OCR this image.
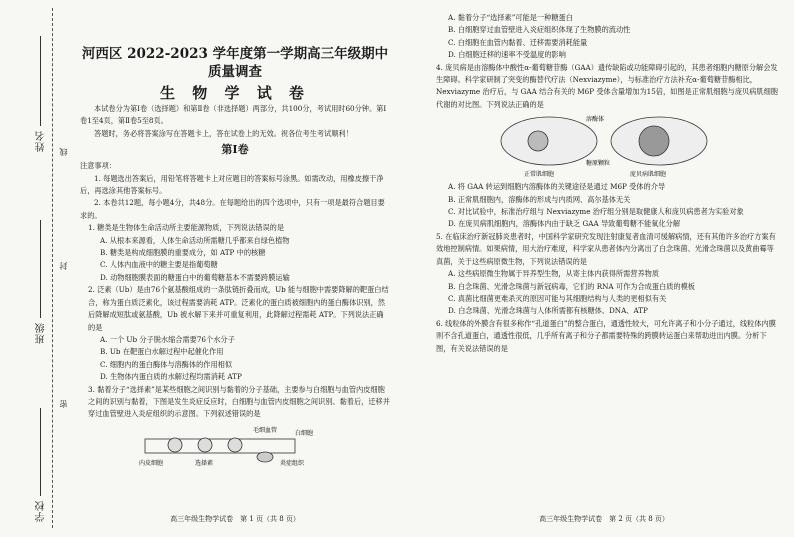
姓名
班级
学校
线
封
密
河西区 2022-2023 学年度第一学期高三年级期中质量调查
生 物 学 试 卷

本试卷分为第Ⅰ卷（选择题）和第Ⅱ卷（非选择题）两部分，共100分，考试用时60分钟。第Ⅰ卷1至4页，第Ⅱ卷5至8页。

答题时，务必将答案涂写在答题卡上，答在试卷上的无效。祝各位考生考试顺利！

第Ⅰ卷

注意事项：

1. 每题选出答案后，用铅笔将答题卡上对应题目的答案标号涂黑。如需改动，用橡皮擦干净后，再选涂其他答案标号。

2. 本卷共12题，每小题4分，共48分。在每题给出的四个选项中，只有一项是最符合题目要求的。

1. 糖类是生物体生命活动所主要能源物质，下列说法错误的是

A. 从根本来源看，人体生命活动所需糖几乎都来自绿色植物

B. 糖类是构成细胞膜的重要成分，如 ATP 中的核糖

C. 人体内血液中的糖主要是指葡萄糖

D. 动物细胞膜表面的糖蛋白中的葡萄糖基本不需要跨膜运输

2. 泛素（Ub）是由76个氨基酸组成的一条肽链折叠而成，Ub 能与细胞中需要降解的靶蛋白结合，称为蛋白质泛素化，该过程需要消耗 ATP。泛素化的蛋白质被细胞内的蛋白酶体识别，然后降解成短肽或氨基酸，Ub 被水解下来并可重复利用，此降解过程需耗 ATP。下列说法正确的是

A. 一个 Ub 分子脱水缩合需要76个水分子

B. Ub 在靶蛋白水解过程中起催化作用

C. 细胞内的蛋白酶体与溶酶体的作用相似

D. 生物体内蛋白质的水解过程均需消耗 ATP

3. 黏着分子“选择素”是某些细胞之间识别与黏着的分子基础，主要参与白细胞与血管内皮细胞之间的识别与黏着，下图是发生炎症反应时，白细胞与血管内皮细胞之间识别、黏着后，迁移并穿过血管壁进入炎症组织的示意图。下列叙述错误的是

毛细血管	白细胞
内皮细胞	选择素	炎症组织
高三年级生物学试卷　第 1 页（共 8 页）

A. 黏着分子“选择素”可能是一种糖蛋白

B. 白细胞穿过血管壁进入炎症组织体现了生物膜的流动性

C. 白细胞在血管内黏着、迁移需要消耗能量

D. 白细胞迁移的速率不受温度的影响

4. 庞贝病是由溶酶体中酸性α-葡萄糖苷酶（GAA）遗传缺陷或功能障碍引起的，其患者细胞内糖原分解会发生障碍。科学家研制了突变的酶替代疗法（Nexviazyme），与标准治疗方法补充α-葡萄糖苷酶相比，Nexviazyme 治疗后，与 GAA 结合有关的 M6P 受体含量增加为15倍，如图是正常肌细胞与庞贝病肌细胞代谢的对比图。下列说法正确的是

溶酶体
糖原颗粒
正常肌细胞	庞贝病肌细胞

A. 将 GAA 转运到细胞内溶酶体的关键途径是通过 M6P 受体的介导

B. 正常肌细胞内，溶酶体的形成与内质网、高尔基体无关

C. 对比试验中，标准治疗组与 Nexviazyme 治疗组分别是取健康人和庞贝病患者为实验对象

D. 在庞贝病肌细胞内，溶酶体内由于缺乏 GAA 导致葡萄糖不能氧化分解

5. 在临床治疗新冠肺炎患者时，中国科学家研究发现注射康复者血清可缓解病情，还有其他许多治疗方案有效地控制病情。如果病情，用大治疗难度，科学家从患者体内分离出了白念珠菌、光滑念珠菌以及黄曲霉等真菌，关于这些病原微生物，下列说法错误的是

A. 这些病原微生物属于异养型生物，从寄主体内获得所需营养物质

B. 白念珠菌、光滑念珠菌与新冠病毒，它们的 RNA 可作为合成蛋白质的模板

C. 真菌比细菌更难杀灭的原因可能与其细胞结构与人类的更相似有关

D. 白念珠菌、光滑念珠菌与人体所需都有核糖体、DNA、ATP

6. 线粒体的外膜含有很多称作“孔道蛋白”的整合蛋白，通透性较大，可允许离子和小分子通过，线粒体内膜则不含孔道蛋白，通透性很低，几乎所有离子和分子都需要特殊的跨膜转运蛋白来帮助进出内膜。分析下图，有关说法错误的是

高三年级生物学试卷　第 2 页（共 8 页）
